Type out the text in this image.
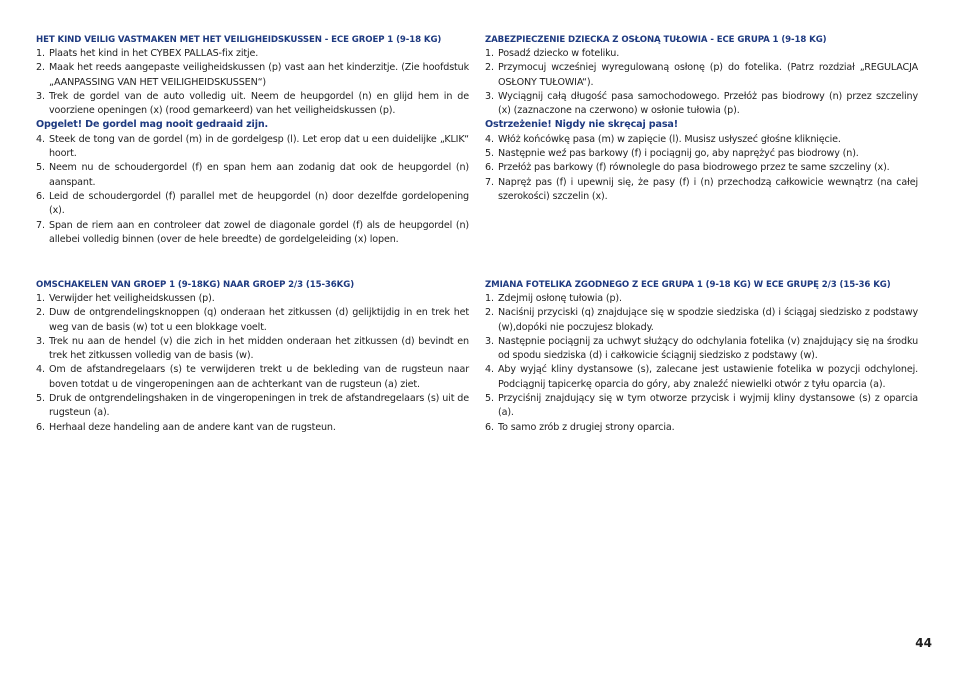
HET KIND VEILIG VASTMAKEN MET HET VEILIGHEIDSKUSSEN - ECE GROEP 1 (9-18 KG)
1. Plaats het kind in het CYBEX PALLAS-fix zitje.
2. Maak het reeds aangepaste veiligheidskussen (p) vast aan het kinderzitje. (Zie hoofdstuk „AANPASSING VAN HET VEILIGHEIDSKUSSEN“)
3. Trek de gordel van de auto volledig uit. Neem de heupgordel (n) en glijd hem in de voorziene openingen (x) (rood gemarkeerd) van het veiligheidskussen (p).
Opgelet! De gordel mag nooit gedraaid zijn.
4. Steek de tong van de gordel (m) in de gordelgesp (l). Let erop dat u een duidelijke „KLIK“ hoort.
5. Neem nu de schoudergordel (f) en span hem aan zodanig dat ook de heupgordel (n) aanspant.
6. Leid de schoudergordel (f) parallel met de heupgordel (n) door dezelfde gordelopening (x).
7. Span de riem aan en controleer dat zowel de diagonale gordel (f) als de heupgordel (n) allebei volledig binnen (over de hele breedte) de gordelgeleiding (x) lopen.
ZABEZPIECZENIE DZIECKA Z OSŁONĄ TUŁOWIA - ECE GRUPA 1 (9-18 KG)
1. Posadź dziecko w foteliku.
2. Przymocuj wcześniej wyregulowaną osłonę (p) do fotelika. (Patrz rozdział „REGULACJA OSŁONY TUŁOWIA“).
3. Wyciągnij całą długość pasa samochodowego. Przełóż pas biodrowy (n) przez szczeliny (x) (zaznaczone na czerwono) w osłonie tułowia (p).
Ostrzeżenie! Nigdy nie skręcaj pasa!
4. Włóż końcówkę pasa (m) w zapięcie (l). Musisz usłyszeć głośne kliknięcie.
5. Następnie weź pas barkowy (f) i pociągnij go, aby naprężyć pas biodrowy (n).
6. Przełóż pas barkowy (f) równolegle do pasa biodrowego przez te same szczeliny (x).
7. Napręż pas (f) i upewnij się, że pasy (f) i (n) przechodzą całkowicie wewnątrz (na całej szerokości) szczelin (x).
OMSCHAKELEN VAN GROEP 1 (9-18KG) NAAR GROEP 2/3 (15-36KG)
1. Verwijder het veiligheidskussen (p).
2. Duw de ontgrendelingsknoppen (q) onderaan het zitkussen (d) gelijktijdig in en trek het weg van de basis (w) tot u een blokkage voelt.
3. Trek nu aan de hendel (v) die zich in het midden onderaan het zitkussen (d) bevindt en trek het zitkussen volledig van de basis (w).
4. Om de afstandregelaars (s) te verwijderen trekt u de bekleding van de rugsteun naar boven totdat u de vingeropeningen aan de achterkant van de rugsteun (a) ziet.
5. Druk de ontgrendelingshaken in de vingeropeningen in trek de afstandregelaars (s) uit de rugsteun (a).
6. Herhaal deze handeling aan de andere kant van de rugsteun.
ZMIANA FOTELIKA ZGODNEGO Z ECE GRUPA 1 (9-18 KG) W ECE GRUPĘ 2/3 (15-36 KG)
1. Zdejmij osłonę tułowia (p).
2. Naciśnij przyciski (q) znajdujące się w spodzie siedziska (d) i ściągaj siedzisko z podstawy (w),dopóki nie poczujesz blokady.
3. Następnie pociągnij za uchwyt służący do odchylania fotelika (v) znajdujący się na środku od spodu siedziska (d) i całkowicie ściągnij siedzisko z podstawy (w).
4. Aby wyjąć kliny dystansowe (s), zalecane jest ustawienie fotelika w pozycji odchylonej. Podciągnij tapicerkę oparcia do góry, aby znaleźć niewielki otwór z tyłu oparcia (a).
5. Przyciśnij znajdujący się w tym otworze przycisk i wyjmij kliny dystansowe (s) z oparcia (a).
6. To samo zrób z drugiej strony oparcia.
44
